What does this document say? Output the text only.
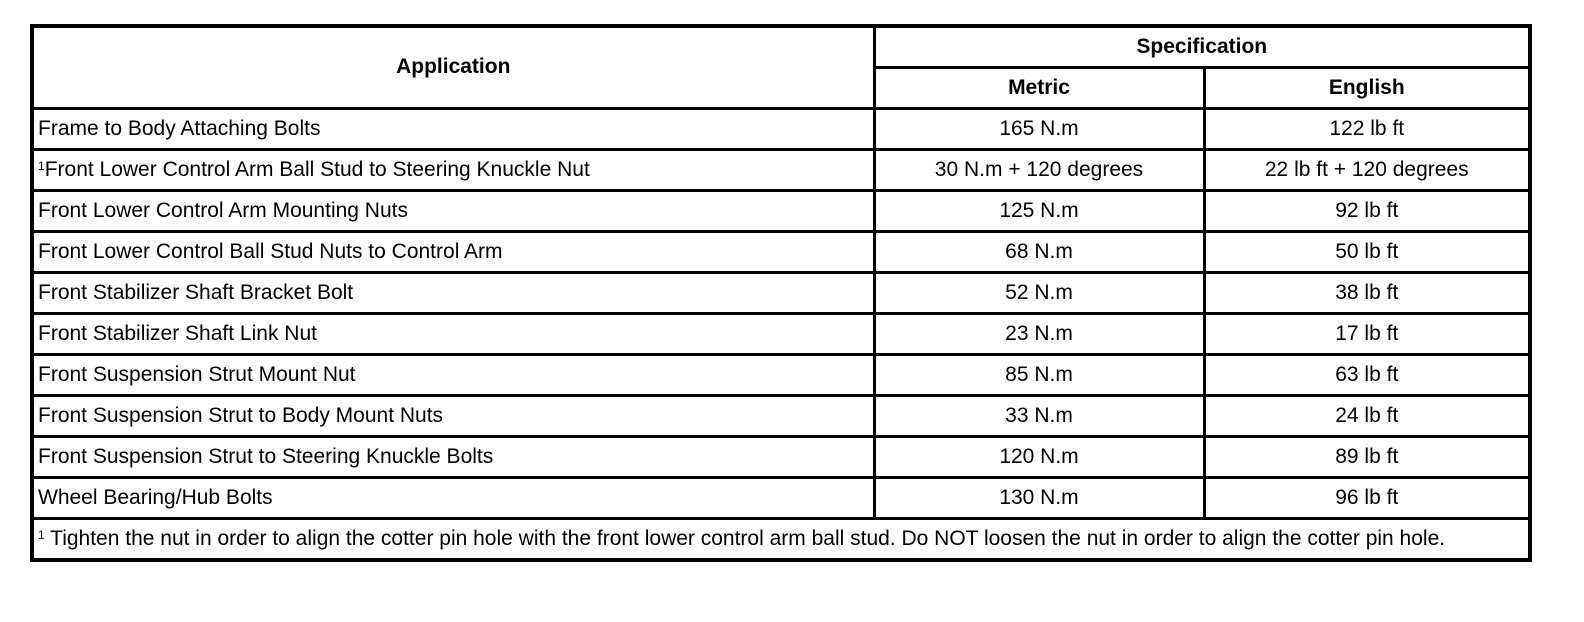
Application	Specification	
	Metric	English
Frame to Body Attaching Bolts	165 N.m	122 lb ft
$^1$Front Lower Control Arm Ball Stud to Steering Knuckle Nut	30 N.m + 120 degrees	22 lb ft + 120 degrees
Front Lower Control Arm Mounting Nuts	125 N.m	92 lb ft
Front Lower Control Ball Stud Nuts to Control Arm	68 N.m	50 lb ft
Front Stabilizer Shaft Bracket Bolt	52 N.m	38 lb ft
Front Stabilizer Shaft Link Nut	23 N.m	17 lb ft
Front Suspension Strut Mount Nut	85 N.m	63 lb ft
Front Suspension Strut to Body Mount Nuts	33 N.m	24 lb ft
Front Suspension Strut to Steering Knuckle Bolts	120 N.m	89 lb ft
Wheel Bearing/Hub Bolts	130 N.m	96 lb ft
$^1$ Tighten the nut in order to align the cotter pin hole with the front lower control arm ball stud. Do NOT loosen the nut in order to align the cotter pin hole.		
